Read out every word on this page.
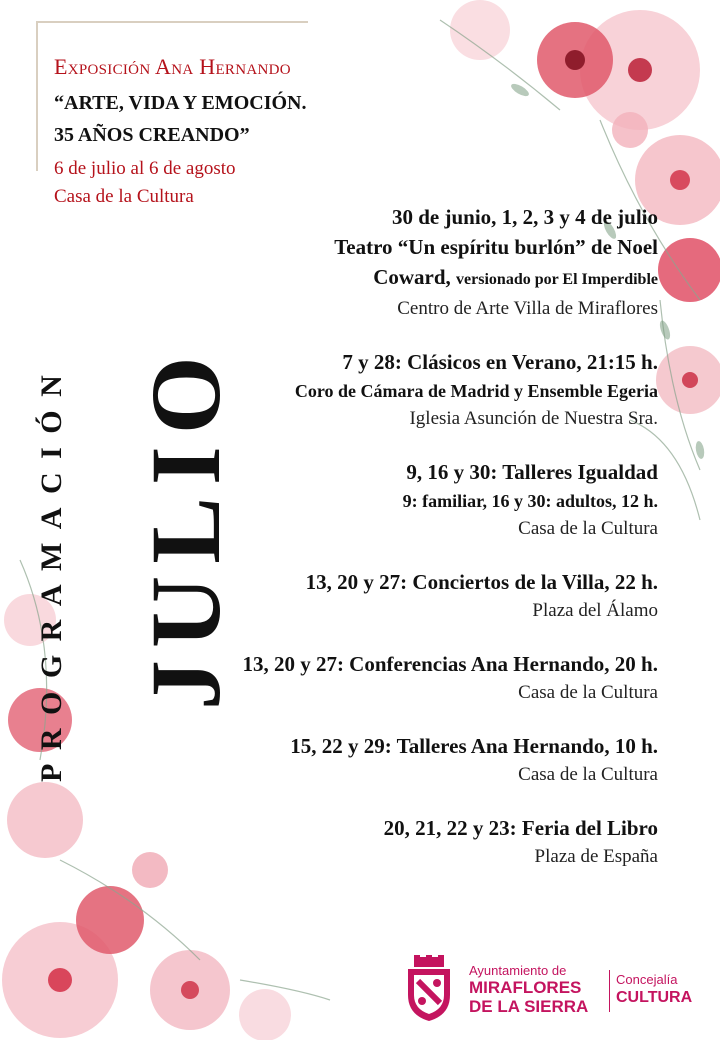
Exposición Ana Hernando
“ARTE, VIDA Y EMOCIÓN.
35 AÑOS CREANDO”
6 de julio al 6 de agosto
Casa de la Cultura
PROGRAMACIÓN JULIO
30 de junio, 1, 2, 3 y 4 de julio
Teatro “Un espíritu burlón” de Noel
Coward, versionado por El Imperdible
Centro de Arte Villa de Miraflores
7 y 28: Clásicos en Verano, 21:15 h.
Coro de Cámara de Madrid y Ensemble Egeria
Iglesia Asunción de Nuestra Sra.
9, 16 y 30: Talleres Igualdad
9: familiar, 16 y 30: adultos, 12 h.
Casa de la Cultura
13, 20 y 27: Conciertos de la Villa, 22 h.
Plaza del Álamo
13, 20 y 27: Conferencias Ana Hernando, 20 h.
Casa de la Cultura
15, 22 y 29: Talleres Ana Hernando, 10 h.
Casa de la Cultura
20, 21, 22 y 23: Feria del Libro
Plaza de España
Ayuntamiento de
MIRAFLORES
DE LA SIERRA
Concejalía
CULTURA
